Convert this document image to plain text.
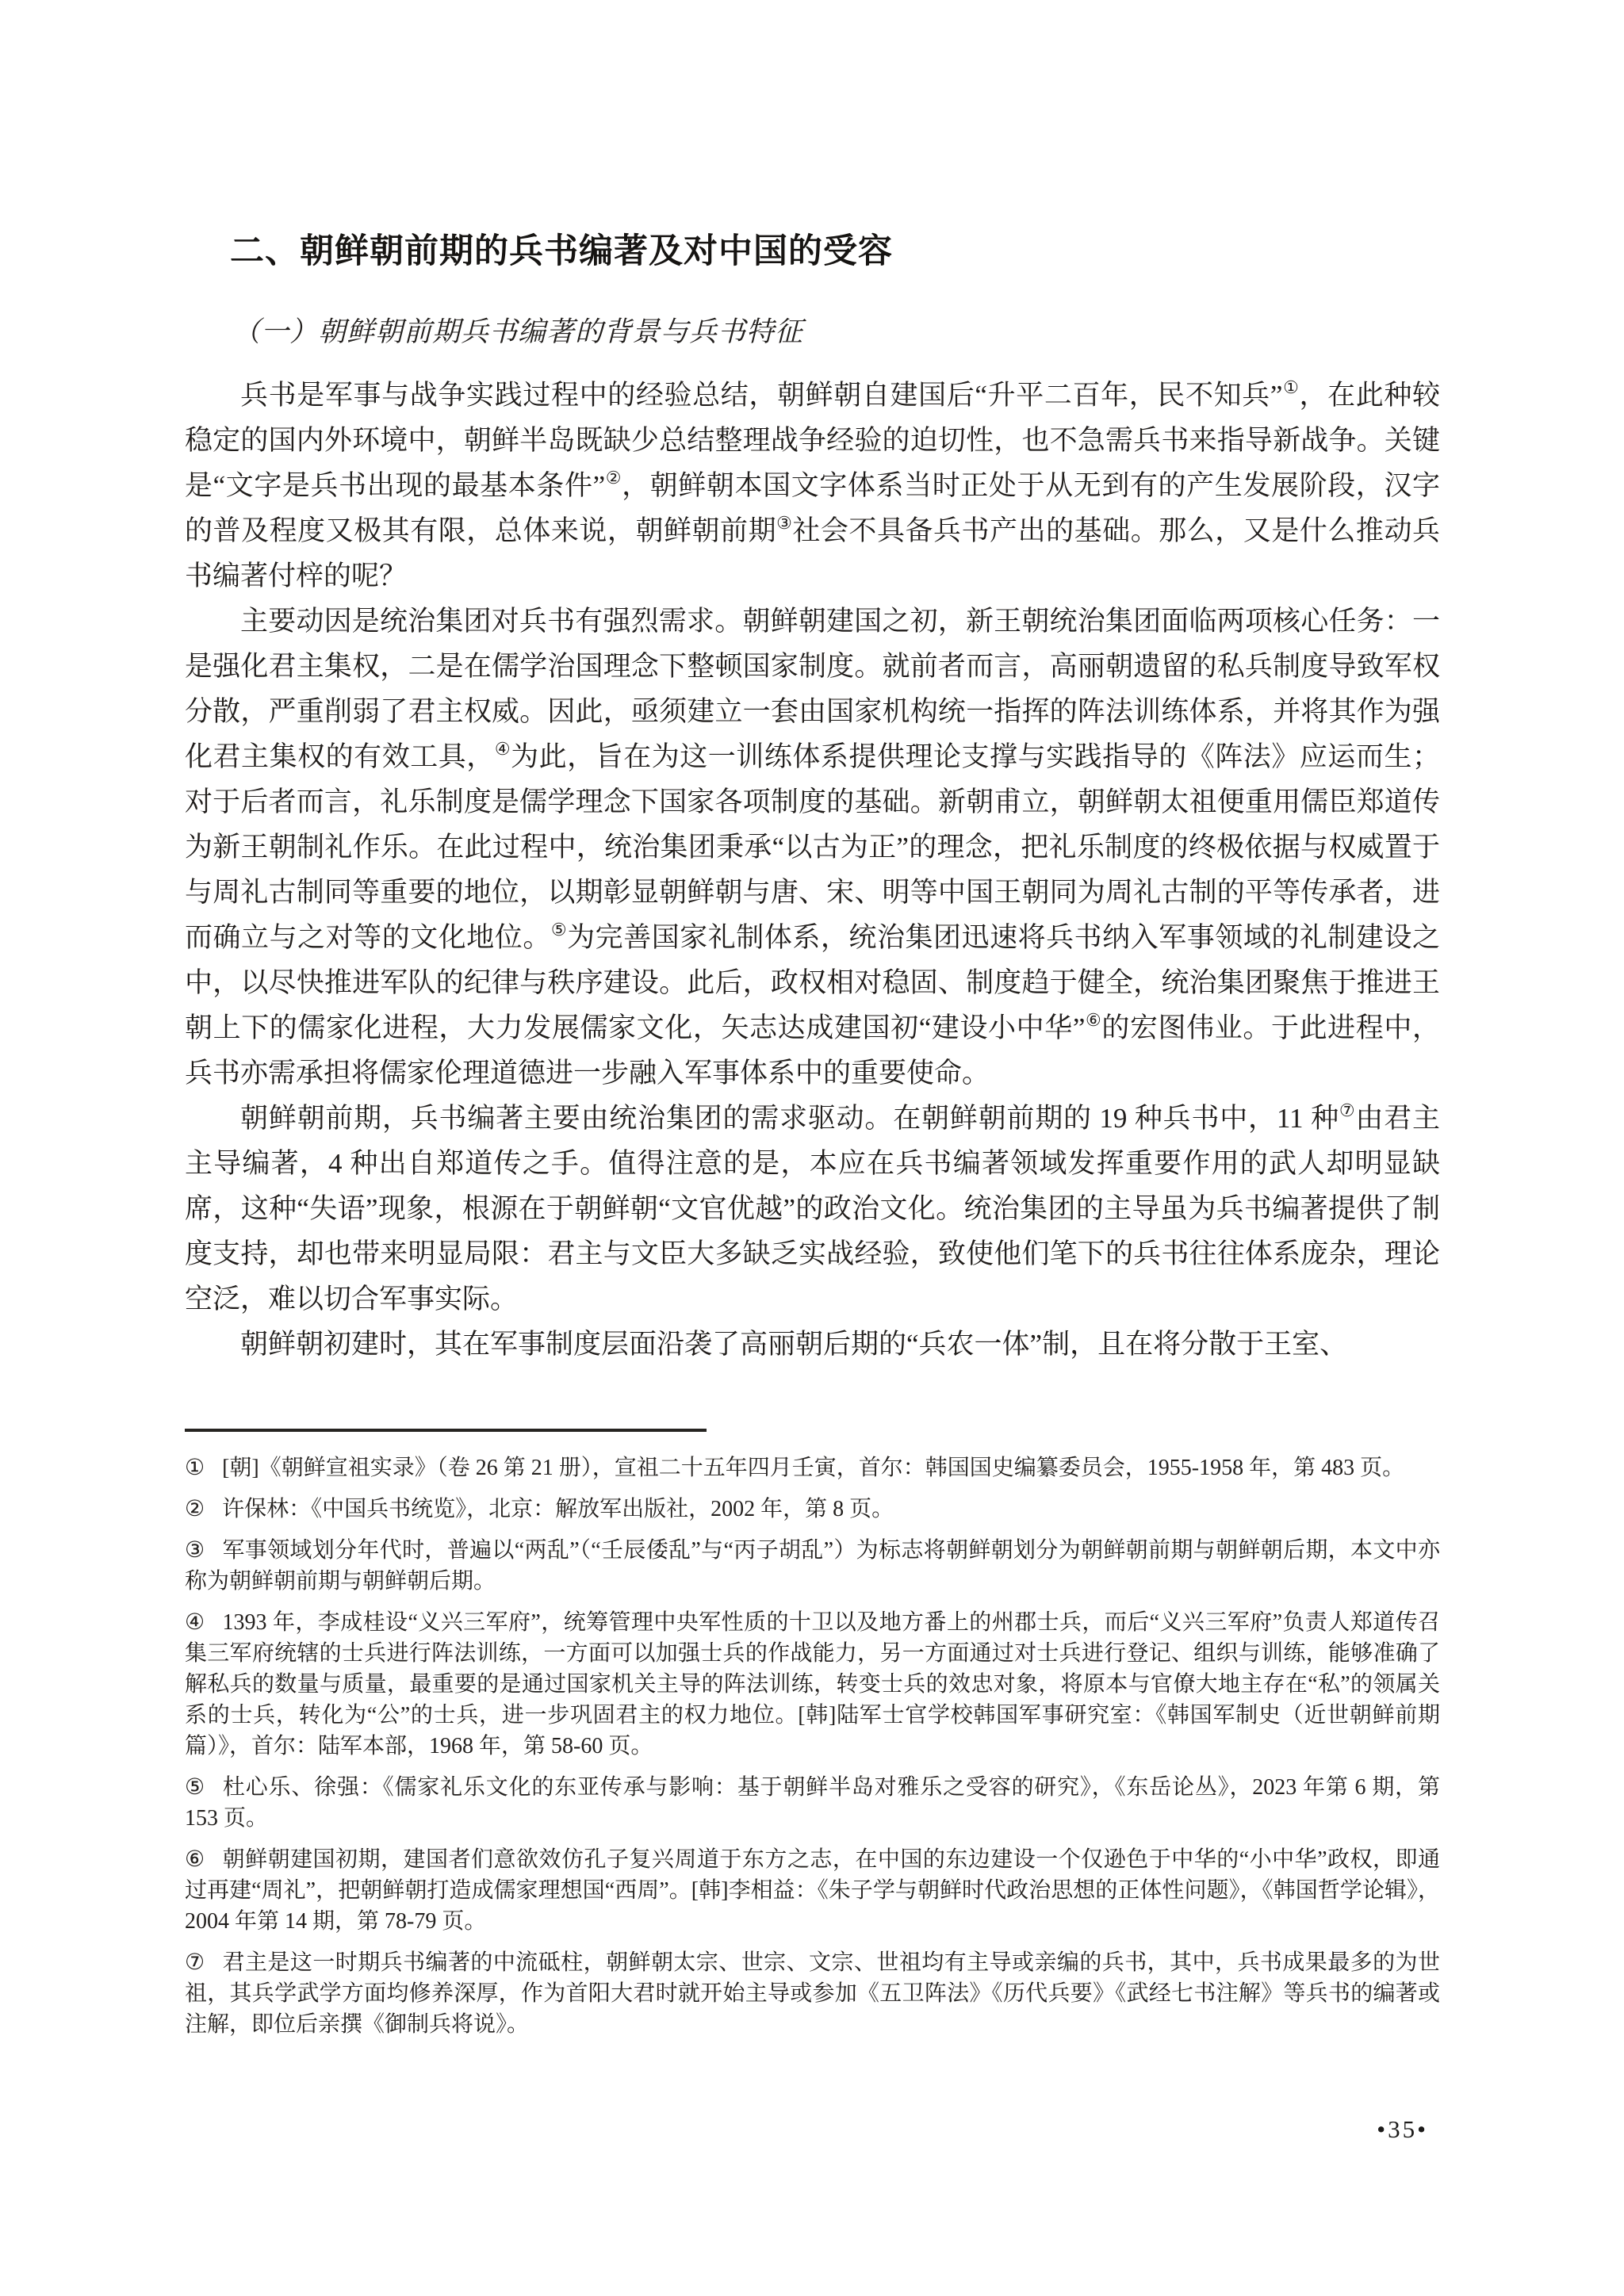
二、朝鲜朝前期的兵书编著及对中国的受容
（一）朝鲜朝前期兵书编著的背景与兵书特征

兵书是军事与战争实践过程中的经验总结，朝鲜朝自建国后“升平二百年，民不知兵”①，在此种较稳定的国内外环境中，朝鲜半岛既缺少总结整理战争经验的迫切性，也不急需兵书来指导新战争。关键是“文字是兵书出现的最基本条件”②，朝鲜朝本国文字体系当时正处于从无到有的产生发展阶段，汉字的普及程度又极其有限，总体来说，朝鲜朝前期③社会不具备兵书产出的基础。那么，又是什么推动兵书编著付梓的呢？

主要动因是统治集团对兵书有强烈需求。朝鲜朝建国之初，新王朝统治集团面临两项核心任务：一是强化君主集权，二是在儒学治国理念下整顿国家制度。就前者而言，高丽朝遗留的私兵制度导致军权分散，严重削弱了君主权威。因此，亟须建立一套由国家机构统一指挥的阵法训练体系，并将其作为强化君主集权的有效工具，④为此，旨在为这一训练体系提供理论支撑与实践指导的《阵法》应运而生；对于后者而言，礼乐制度是儒学理念下国家各项制度的基础。新朝甫立，朝鲜朝太祖便重用儒臣郑道传为新王朝制礼作乐。在此过程中，统治集团秉承“以古为正”的理念，把礼乐制度的终极依据与权威置于与周礼古制同等重要的地位，以期彰显朝鲜朝与唐、宋、明等中国王朝同为周礼古制的平等传承者，进而确立与之对等的文化地位。⑤为完善国家礼制体系，统治集团迅速将兵书纳入军事领域的礼制建设之中，以尽快推进军队的纪律与秩序建设。此后，政权相对稳固、制度趋于健全，统治集团聚焦于推进王朝上下的儒家化进程，大力发展儒家文化，矢志达成建国初“建设小中华”⑥的宏图伟业。于此进程中，兵书亦需承担将儒家伦理道德进一步融入军事体系中的重要使命。

朝鲜朝前期，兵书编著主要由统治集团的需求驱动。在朝鲜朝前期的 19 种兵书中，11 种⑦由君主主导编著，4 种出自郑道传之手。值得注意的是，本应在兵书编著领域发挥重要作用的武人却明显缺席，这种“失语”现象，根源在于朝鲜朝“文官优越”的政治文化。统治集团的主导虽为兵书编著提供了制度支持，却也带来明显局限：君主与文臣大多缺乏实战经验，致使他们笔下的兵书往往体系庞杂，理论空泛，难以切合军事实际。

朝鲜朝初建时，其在军事制度层面沿袭了高丽朝后期的“兵农一体”制，且在将分散于王室、

① [朝]《朝鲜宣祖实录》（卷 26 第 21 册），宣祖二十五年四月壬寅，首尔：韩国国史编纂委员会，1955-1958 年，第 483 页。
② 许保林：《中国兵书统览》，北京：解放军出版社，2002 年，第 8 页。
③ 军事领域划分年代时，普遍以“两乱”（“壬辰倭乱”与“丙子胡乱”）为标志将朝鲜朝划分为朝鲜朝前期与朝鲜朝后期，本文中亦称为朝鲜朝前期与朝鲜朝后期。
④ 1393 年，李成桂设“义兴三军府”，统筹管理中央军性质的十卫以及地方番上的州郡士兵，而后“义兴三军府”负责人郑道传召集三军府统辖的士兵进行阵法训练，一方面可以加强士兵的作战能力，另一方面通过对士兵进行登记、组织与训练，能够准确了解私兵的数量与质量，最重要的是通过国家机关主导的阵法训练，转变士兵的效忠对象，将原本与官僚大地主存在“私”的领属关系的士兵，转化为“公”的士兵，进一步巩固君主的权力地位。[韩]陆军士官学校韩国军事研究室：《韩国军制史（近世朝鲜前期篇）》，首尔：陆军本部，1968 年，第 58-60 页。
⑤ 杜心乐、徐强：《儒家礼乐文化的东亚传承与影响：基于朝鲜半岛对雅乐之受容的研究》，《东岳论丛》，2023 年第 6 期，第 153 页。
⑥ 朝鲜朝建国初期，建国者们意欲效仿孔子复兴周道于东方之志，在中国的东边建设一个仅逊色于中华的“小中华”政权，即通过再建“周礼”，把朝鲜朝打造成儒家理想国“西周”。[韩]李相益：《朱子学与朝鲜时代政治思想的正体性问题》，《韩国哲学论辑》，2004 年第 14 期，第 78-79 页。
⑦ 君主是这一时期兵书编著的中流砥柱，朝鲜朝太宗、世宗、文宗、世祖均有主导或亲编的兵书，其中，兵书成果最多的为世祖，其兵学武学方面均修养深厚，作为首阳大君时就开始主导或参加《五卫阵法》《历代兵要》《武经七书注解》等兵书的编著或注解，即位后亲撰《御制兵将说》。
•35•
